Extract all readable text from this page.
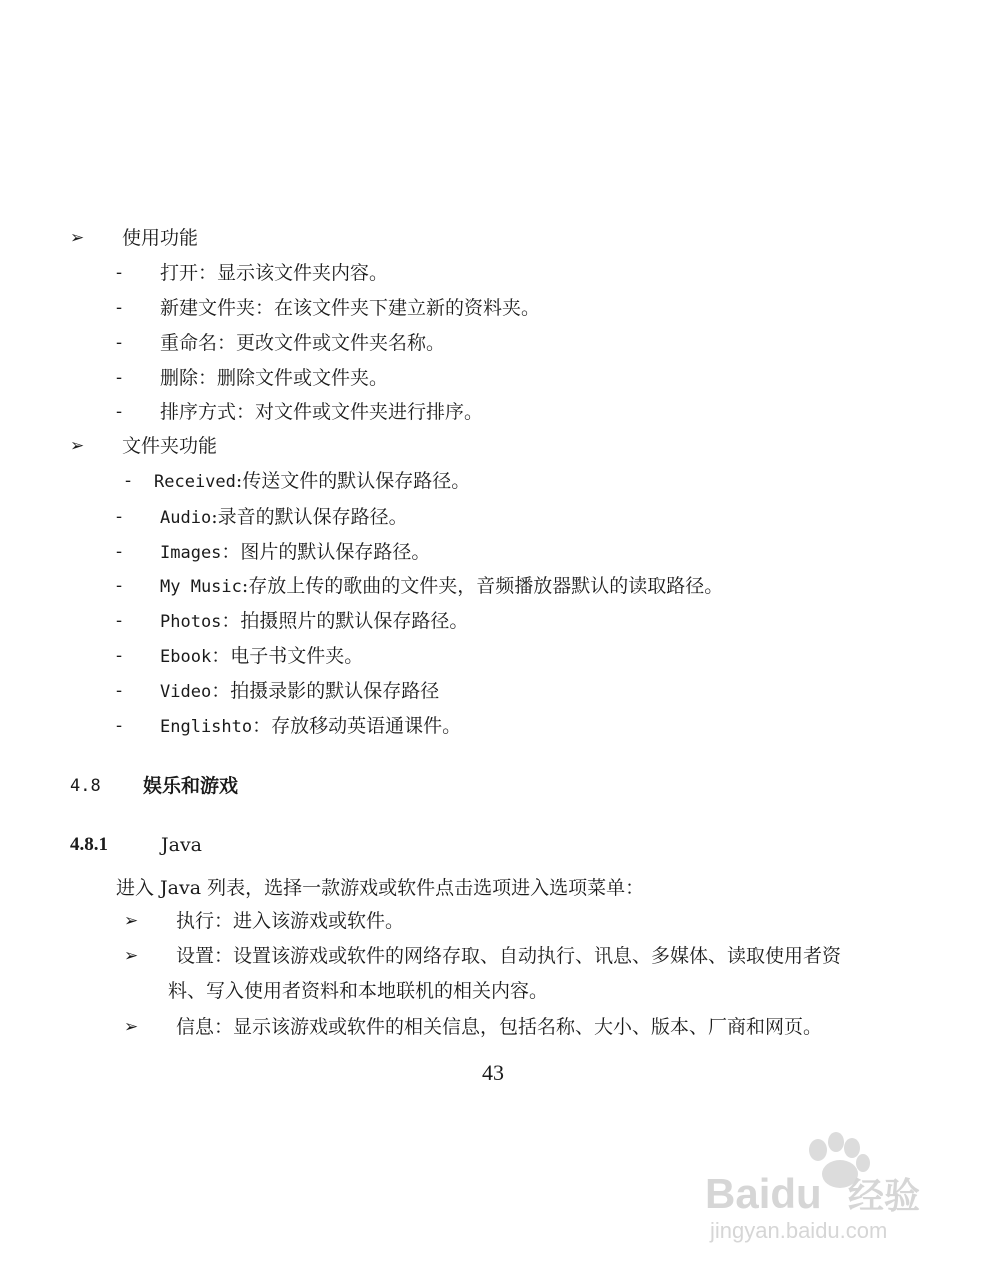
➢ 使用功能
- 打开：显示该文件夹内容。
- 新建文件夹：在该文件夹下建立新的资料夹。
- 重命名：更改文件或文件夹名称。
- 删除：删除文件或文件夹。
- 排序方式：对文件或文件夹进行排序。
➢ 文件夹功能
- Received:传送文件的默认保存路径。
- Audio:录音的默认保存路径。
- Images：图片的默认保存路径。
- My Music:存放上传的歌曲的文件夹，音频播放器默认的读取路径。
- Photos：拍摄照片的默认保存路径。
- Ebook：电子书文件夹。
- Video：拍摄录影的默认保存路径
- Englishto：存放移动英语通课件。
4.8 娱乐和游戏
4.8.1	Java
进入 Java 列表，选择一款游戏或软件点击选项进入选项菜单：
➢ 执行：进入该游戏或软件。
➢ 设置：设置该游戏或软件的网络存取、自动执行、讯息、多媒体、读取使用者资
料、写入使用者资料和本地联机的相关内容。
➢ 信息：显示该游戏或软件的相关信息，包括名称、大小、版本、厂商和网页。
43
Baidu 经验
jingyan.baidu.com
